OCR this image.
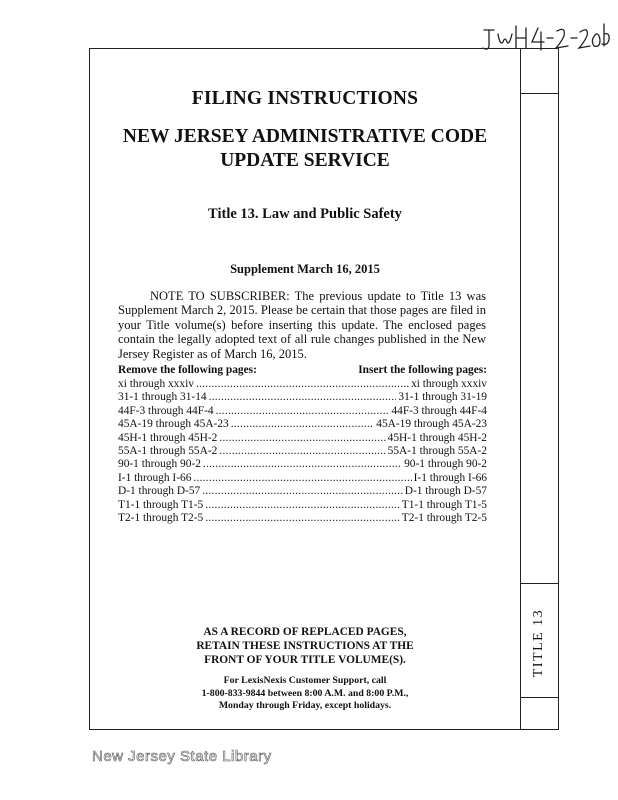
TITLE 13
FILING INSTRUCTIONS
NEW JERSEY ADMINISTRATIVE CODE
UPDATE SERVICE
Title 13. Law and Public Safety
Supplement March 16, 2015
NOTE TO SUBSCRIBER: The previous update to Title 13 was Supplement March 2, 2015. Please be certain that those pages are filed in your Title volume(s) before inserting this update. The enclosed pages contain the legally adopted text of all rule changes published in the New Jersey Register as of March 16, 2015.
Remove the following pages:	Insert the following pages:
xi through xxxiv . . .	xi through xxxiv
31-1 through 31-14 . . .	31-1 through 31-19
44F-3 through 44F-4 . . .	44F-3 through 44F-4
45A-19 through 45A-23 . . .	45A-19 through 45A-23
45H-1 through 45H-2 . . .	45H-1 through 45H-2
55A-1 through 55A-2 . . .	55A-1 through 55A-2
90-1 through 90-2 . . .	90-1 through 90-2
I-1 through I-66 . . .	I-1 through I-66
D-1 through D-57 . . .	D-1 through D-57
T1-1 through T1-5 . . .	T1-1 through T1-5
T2-1 through T2-5 . . .	T2-1 through T2-5
AS A RECORD OF REPLACED PAGES,
RETAIN THESE INSTRUCTIONS AT THE
FRONT OF YOUR TITLE VOLUME(S).
For LexisNexis Customer Support, call
1-800-833-9844 between 8:00 A.M. and 8:00 P.M.,
Monday through Friday, except holidays.
New Jersey State Library
